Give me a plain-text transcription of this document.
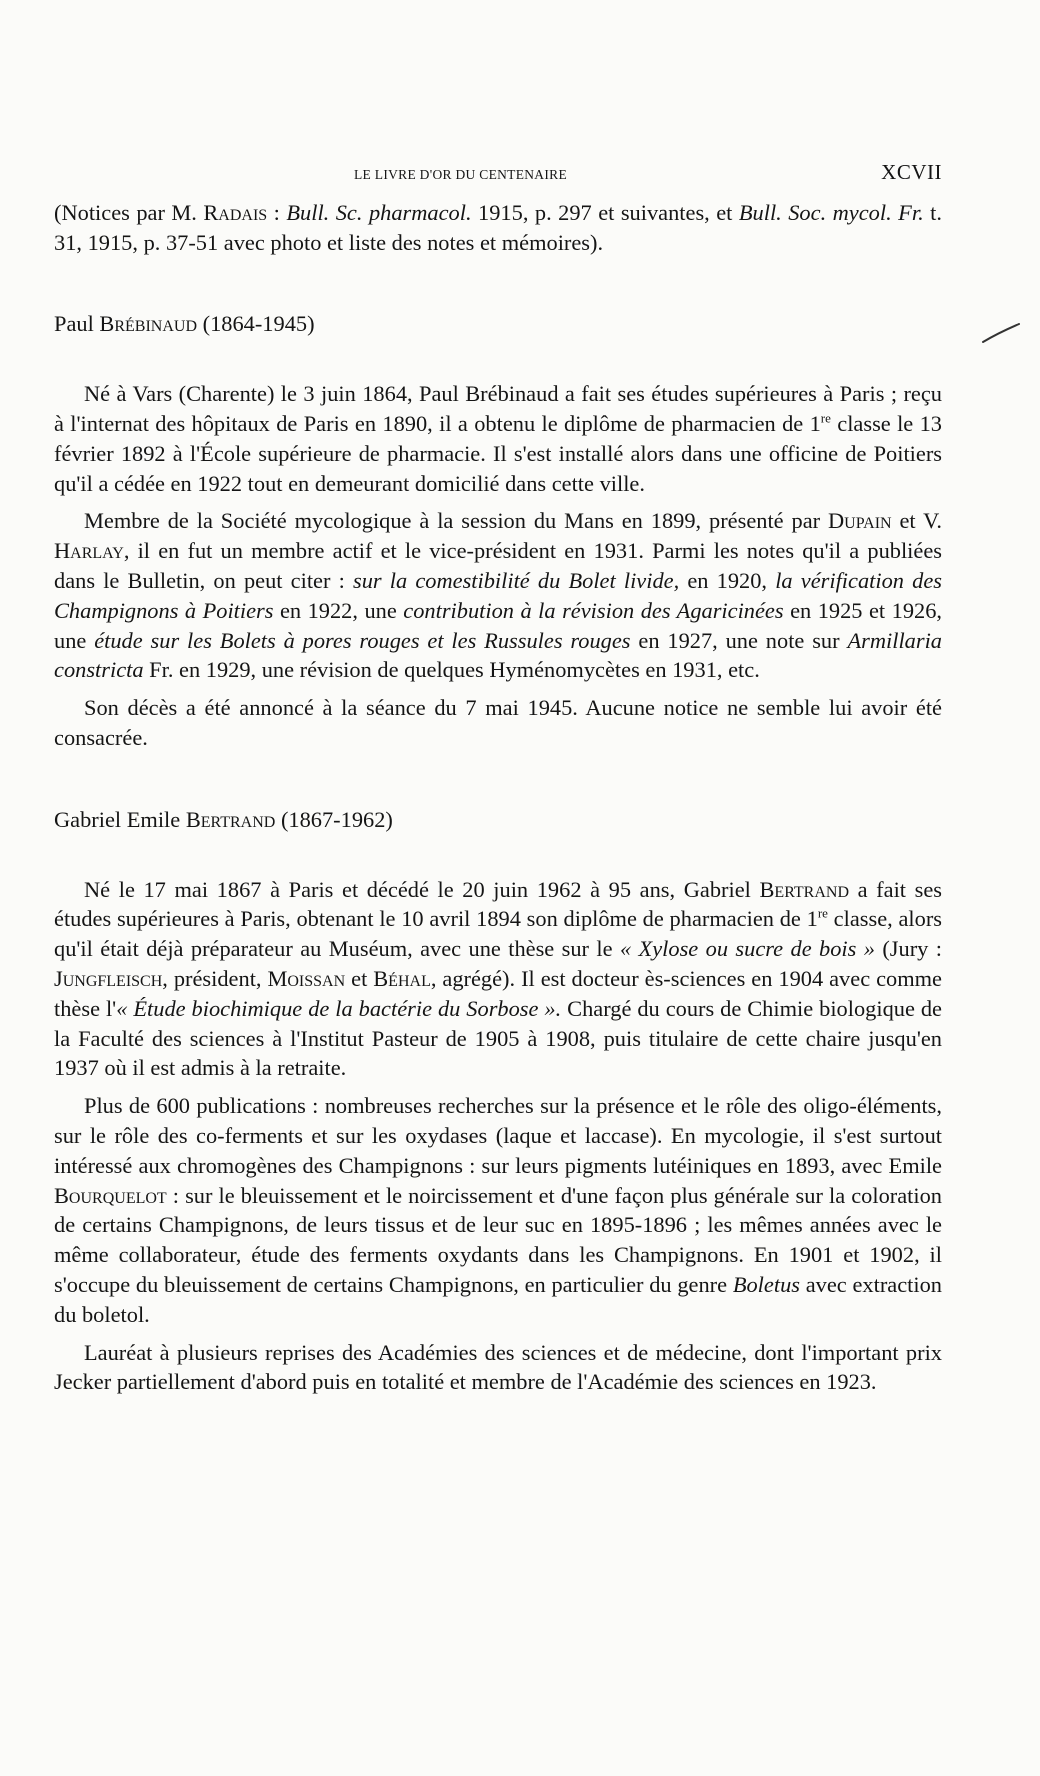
LE LIVRE D'OR DU CENTENAIRE	XCVII

(Notices par M. Radais : Bull. Sc. pharmacol. 1915, p. 297 et suivantes, et Bull. Soc. mycol. Fr. t. 31, 1915, p. 37-51 avec photo et liste des notes et mémoires).

Paul Brébinaud (1864-1945)

Né à Vars (Charente) le 3 juin 1864, Paul Brébinaud a fait ses études supérieures à Paris ; reçu à l'internat des hôpitaux de Paris en 1890, il a obtenu le diplôme de pharmacien de 1re classe le 13 février 1892 à l'École supérieure de pharmacie. Il s'est installé alors dans une officine de Poitiers qu'il a cédée en 1922 tout en demeurant domicilié dans cette ville.

Membre de la Société mycologique à la session du Mans en 1899, présenté par Dupain et V. Harlay, il en fut un membre actif et le vice-président en 1931. Parmi les notes qu'il a publiées dans le Bulletin, on peut citer : sur la comestibilité du Bolet livide, en 1920, la vérification des Champignons à Poitiers en 1922, une contribution à la révision des Agaricinées en 1925 et 1926, une étude sur les Bolets à pores rouges et les Russules rouges en 1927, une note sur Armillaria constricta Fr. en 1929, une révision de quelques Hyménomycètes en 1931, etc.

Son décès a été annoncé à la séance du 7 mai 1945. Aucune notice ne semble lui avoir été consacrée.

Gabriel Emile Bertrand (1867-1962)

Né le 17 mai 1867 à Paris et décédé le 20 juin 1962 à 95 ans, Gabriel Bertrand a fait ses études supérieures à Paris, obtenant le 10 avril 1894 son diplôme de pharmacien de 1re classe, alors qu'il était déjà préparateur au Muséum, avec une thèse sur le « Xylose ou sucre de bois » (Jury : Jungfleisch, président, Moissan et Béhal, agrégé). Il est docteur ès-sciences en 1904 avec comme thèse l'« Étude biochimique de la bactérie du Sorbose ». Chargé du cours de Chimie biologique de la Faculté des sciences à l'Institut Pasteur de 1905 à 1908, puis titulaire de cette chaire jusqu'en 1937 où il est admis à la retraite.

Plus de 600 publications : nombreuses recherches sur la présence et le rôle des oligo-éléments, sur le rôle des co-ferments et sur les oxydases (laque et laccase). En mycologie, il s'est surtout intéressé aux chromogènes des Champignons : sur leurs pigments lutéiniques en 1893, avec Emile Bourquelot : sur le bleuissement et le noircissement et d'une façon plus générale sur la coloration de certains Champignons, de leurs tissus et de leur suc en 1895-1896 ; les mêmes années avec le même collaborateur, étude des ferments oxydants dans les Champignons. En 1901 et 1902, il s'occupe du bleuissement de certains Champignons, en particulier du genre Boletus avec extraction du boletol.

Lauréat à plusieurs reprises des Académies des sciences et de médecine, dont l'important prix Jecker partiellement d'abord puis en totalité et membre de l'Académie des sciences en 1923.
